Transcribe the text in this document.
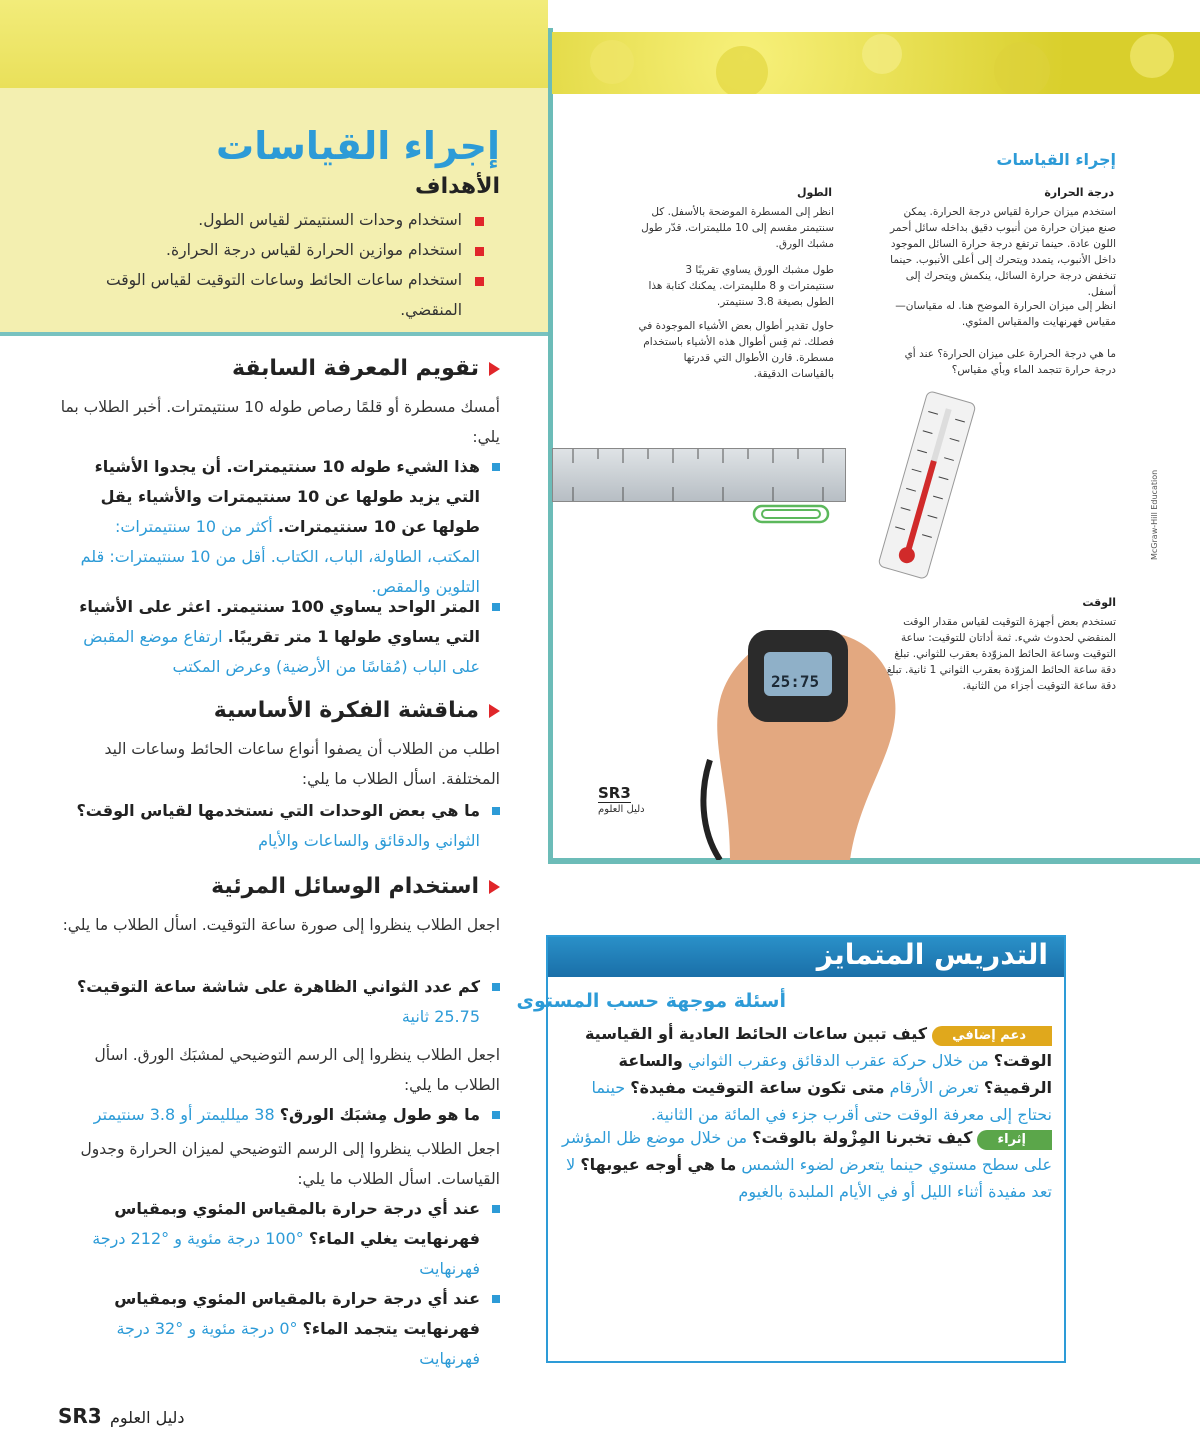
إجراء القياسات
الأهداف
استخدام وحدات السنتيمتر لقياس الطول.
استخدام موازين الحرارة لقياس درجة الحرارة.
استخدام ساعات الحائط وساعات التوقيت لقياس الوقت المنقضي.
تقويم المعرفة السابقة
أمسك مسطرة أو قلمًا رصاص طوله 10 سنتيمترات. أخبر الطلاب بما يلي:
هذا الشيء طوله 10 سنتيمترات. أن يجدوا الأشياء التي يزيد طولها عن 10 سنتيمترات والأشياء يقل طولها عن 10 سنتيمترات. أكثر من 10 سنتيمترات: المكتب، الطاولة، الباب، الكتاب. أقل من 10 سنتيمترات: قلم التلوين والمقص.
المتر الواحد يساوي 100 سنتيمتر. اعثر على الأشياء التي يساوي طولها 1 متر تقريبًا. ارتفاع موضع المقبض على الباب (مُقاسًا من الأرضية) وعرض المكتب
مناقشة الفكرة الأساسية
اطلب من الطلاب أن يصفوا أنواع ساعات الحائط وساعات اليد المختلفة. اسأل الطلاب ما يلي:
ما هي بعض الوحدات التي نستخدمها لقياس الوقت؟
الثواني والدقائق والساعات والأيام
استخدام الوسائل المرئية
اجعل الطلاب ينظروا إلى صورة ساعة التوقيت. اسأل الطلاب ما يلي:
كم عدد الثواني الظاهرة على شاشة ساعة التوقيت؟
25.75 ثانية
اجعل الطلاب ينظروا إلى الرسم التوضيحي لمشبَك الورق. اسأل الطلاب ما يلي:
ما هو طول مِشبَك الورق؟ 38 ميلليمتر أو 3.8 سنتيمتر
اجعل الطلاب ينظروا إلى الرسم التوضيحي لميزان الحرارة وجدول القياسات. اسأل الطلاب ما يلي:
عند أي درجة حرارة بالمقياس المئوي وبمقياس فهرنهايت يغلي الماء؟ °100 درجة مئوية و °212 درجة فهرنهايت
عند أي درجة حرارة بالمقياس المئوي وبمقياس فهرنهايت يتجمد الماء؟ °0 درجة مئوية و °32 درجة فهرنهايت
إجراء القياسات
درجة الحرارة
استخدم ميزان حرارة لقياس درجة الحرارة. يمكن صنع ميزان حرارة من أنبوب دقيق بداخله سائل أحمر اللون عادة. حينما ترتفع درجة حرارة السائل الموجود داخل الأنبوب، يتمدد ويتحرك إلى أعلى الأنبوب. حينما تنخفض درجة حرارة السائل، ينكمش ويتحرك إلى أسفل.
انظر إلى ميزان الحرارة الموضح هنا. له مقياسان—مقياس فهرنهايت والمقياس المئوي.
ما هي درجة الحرارة على ميزان الحرارة؟ عند أي درجة حرارة تتجمد الماء وبأي مقياس؟
الطول
انظر إلى المسطرة الموضحة بالأسفل. كل سنتيمتر مقسم إلى 10 ملليمترات. قدّر طول مشبك الورق.
طول مشبك الورق يساوي تقريبًا 3 سنتيمترات و 8 ملليمترات. يمكنك كتابة هذا الطول بصيغة 3.8 سنتيمتر.
حاول تقدير أطوال بعض الأشياء الموجودة في فصلك. ثم قِس أطوال هذه الأشياء باستخدام مسطرة. قارن الأطوال التي قدرتها بالقياسات الدقيقة.
الوقت
تستخدم بعض أجهزة التوقيت لقياس مقدار الوقت المنقضي لحدوث شيء. ثمة أداتان للتوقيت: ساعة التوقيت وساعة الحائط المزوّدة بعقرب للثواني. تبلغ دقة ساعة الحائط المزوّدة بعقرب الثواني 1 ثانية. تبلغ دقة ساعة التوقيت أجزاء من الثانية.
25:75
SR3
دليل العلوم
McGraw-Hill Education
التدريس المتمايز
أسئلة موجهة حسب المستوى
دعم إضافي كيف تبين ساعات الحائط العادية أو القياسية الوقت؟ من خلال حركة عقرب الدقائق وعقرب الثواني والساعة الرقمية؟ تعرض الأرقام متى تكون ساعة التوقيت مفيدة؟ حينما نحتاج إلى معرفة الوقت حتى أقرب جزء في المائة من الثانية.
إثراء كيف تخبرنا المِزْولة بالوقت؟ من خلال موضع ظل المؤشر على سطح مستوي حينما يتعرض لضوء الشمس ما هي أوجه عيوبها؟ لا تعد مفيدة أثناء الليل أو في الأيام الملبدة بالغيوم
SR3 دليل العلوم
